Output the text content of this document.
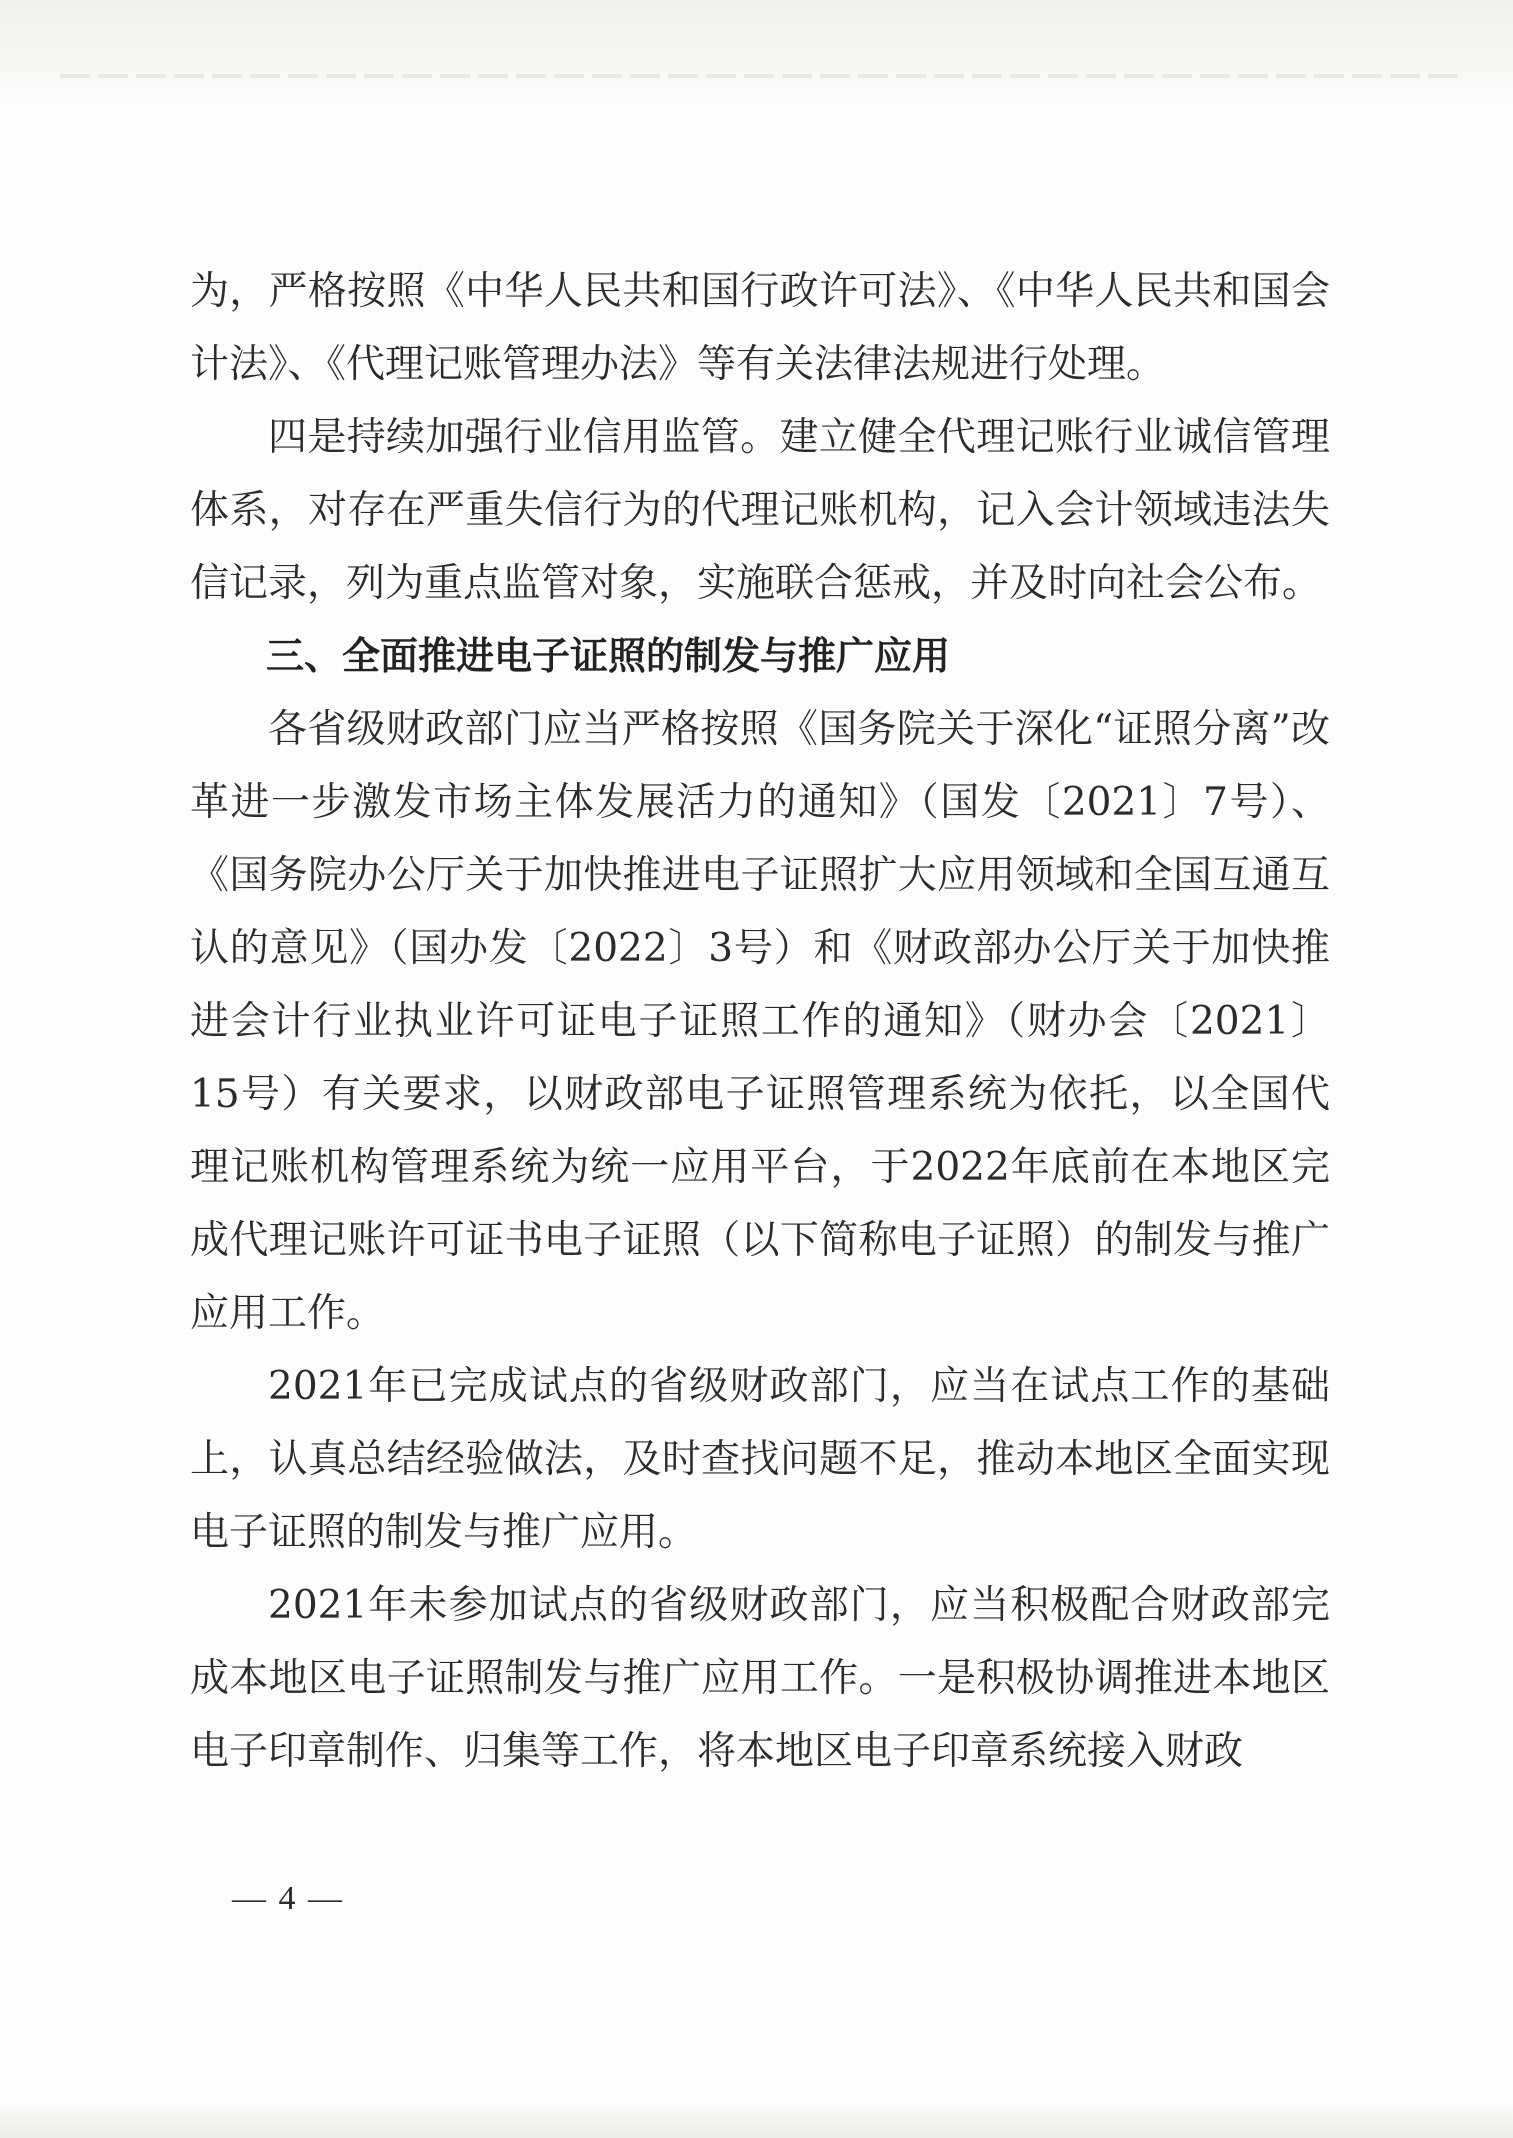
为，严格按照《中华人民共和国行政许可法》、《中华人民共和国会计法》、《代理记账管理办法》等有关法律法规进行处理。

四是持续加强行业信用监管。建立健全代理记账行业诚信管理体系，对存在严重失信行为的代理记账机构，记入会计领域违法失信记录，列为重点监管对象，实施联合惩戒，并及时向社会公布。

三、全面推进电子证照的制发与推广应用

各省级财政部门应当严格按照《国务院关于深化“证照分离”改革进一步激发市场主体发展活力的通知》（国发〔2021〕7号）、《国务院办公厅关于加快推进电子证照扩大应用领域和全国互通互认的意见》（国办发〔2022〕3号）和《财政部办公厅关于加快推进会计行业执业许可证电子证照工作的通知》（财办会〔2021〕15号）有关要求，以财政部电子证照管理系统为依托，以全国代理记账机构管理系统为统一应用平台，于2022年底前在本地区完成代理记账许可证书电子证照（以下简称电子证照）的制发与推广应用工作。

2021年已完成试点的省级财政部门，应当在试点工作的基础上，认真总结经验做法，及时查找问题不足，推动本地区全面实现电子证照的制发与推广应用。

2021年未参加试点的省级财政部门，应当积极配合财政部完成本地区电子证照制发与推广应用工作。一是积极协调推进本地区电子印章制作、归集等工作，将本地区电子印章系统接入财政

— 4 —
